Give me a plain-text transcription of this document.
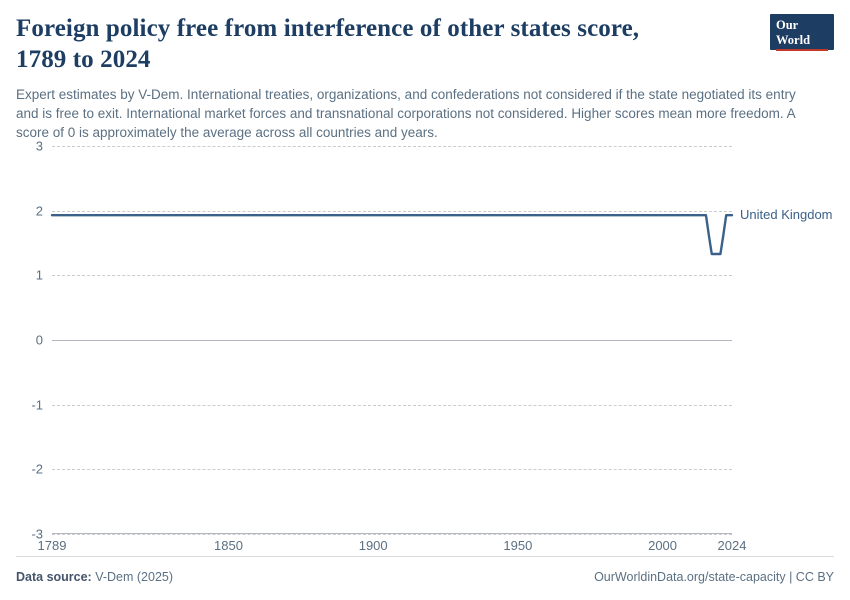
Foreign policy free from interference of other states score, 1789 to 2024

Expert estimates by V-Dem. International treaties, organizations, and confederations not considered if the state negotiated its entry and is free to exit. International market forces and transnational corporations not considered. Higher scores mean more freedom. A score of 0 is approximately the average across all countries and years.

Our World
in Data
3
2
1
0
-1
-2
-3
1789	1850	1900	1950	2000	2024
United Kingdom
Data source: V-Dem (2025)	OurWorldinData.org/state-capacity | CC BY
